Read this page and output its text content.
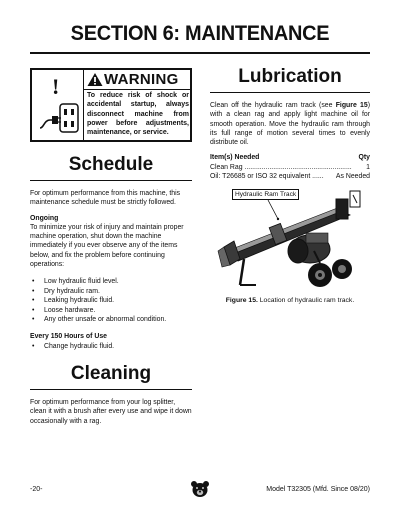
SECTION 6: MAINTENANCE
!	WARNING
To reduce risk of shock or accidental startup, always disconnect machine from power before adjustments, maintenance, or service.
Schedule

For optimum performance from this machine, this maintenance schedule must be strictly followed.

Ongoing

To minimize your risk of injury and maintain proper machine operation, shut down the machine immediately if you ever observe any of the items below, and fix the problem before continuing operations:

• Low hydraulic fluid level.
• Dry hydraulic ram.
• Leaking hydraulic fluid.
• Loose hardware.
• Any other unsafe or abnormal condition.
Every 150 Hours of Use
• Change hydraulic fluid.
Cleaning

For optimum performance from your log splitter, clean it with a brush after every use and wipe it down occasionally with a rag.

Lubrication

Clean off the hydraulic ram track (see Figure 15) with a clean rag and apply light machine oil for smooth operation. Move the hydraulic ram through its full range of motion several times to evenly distribute oil.

Item(s) Needed	Qty
Clean Rag ........................................................ 1
Oil: T26685 or ISO 32 equivalent ...... As Needed
Hydraulic Ram Track
Figure 15. Location of hydraulic ram track.
-20-	Model T32305 (Mfd. Since 08/20)
